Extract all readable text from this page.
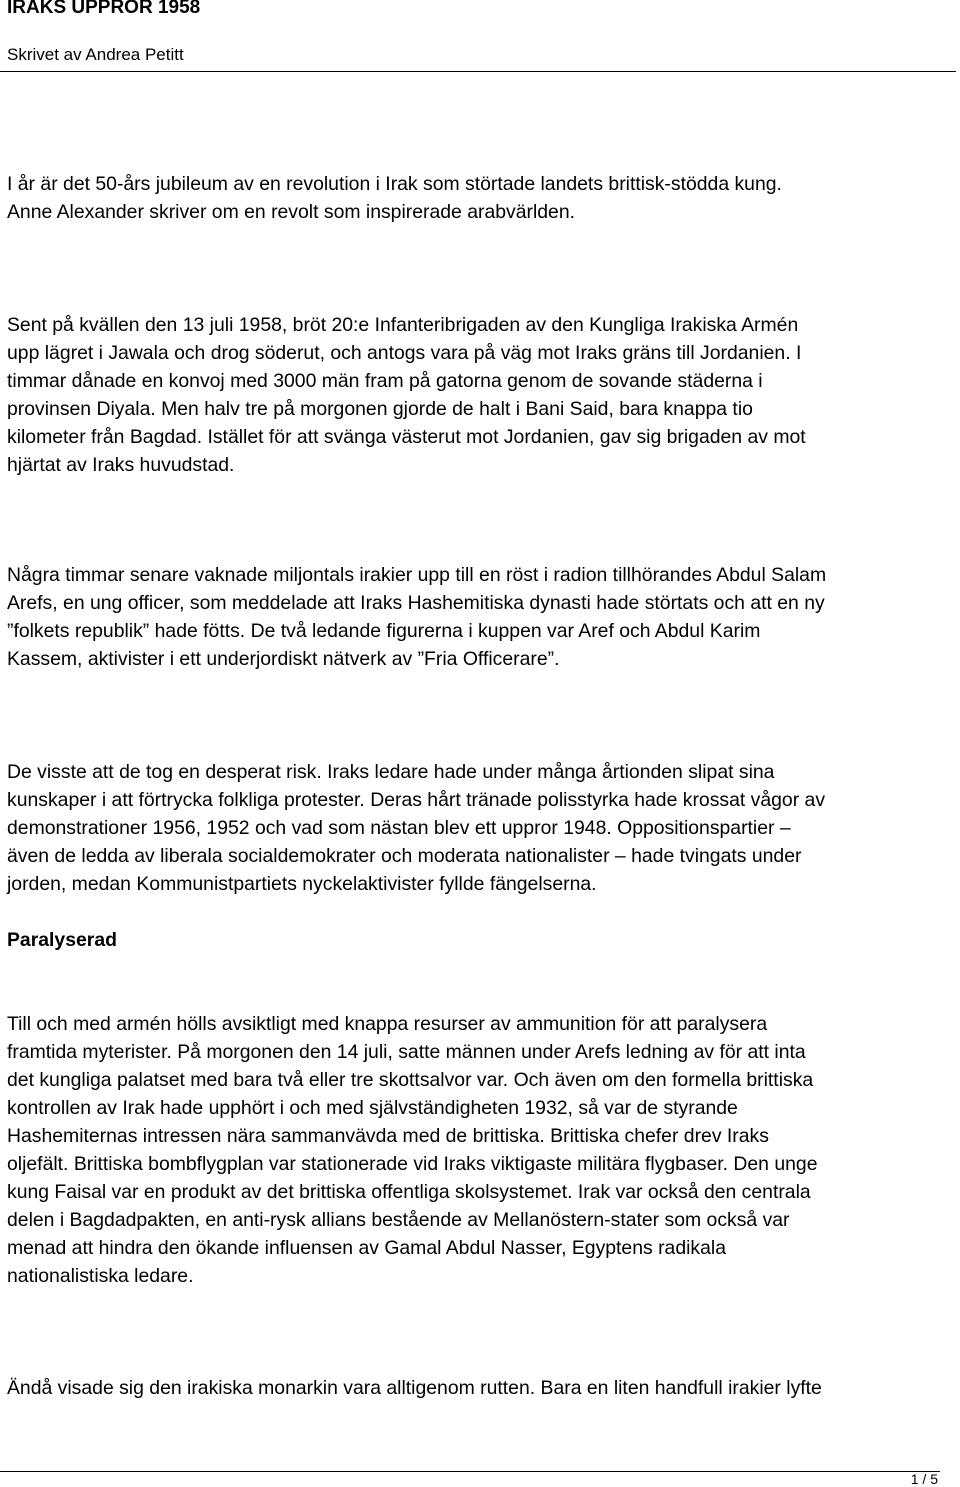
IRAKS UPPROR 1958
Skrivet av Andrea Petitt
I år är det 50-års jubileum av en revolution i Irak som störtade landets brittisk-stödda kung.
Anne Alexander skriver om en revolt som inspirerade arabvärlden.
Sent på kvällen den 13 juli 1958, bröt 20:e Infanteribrigaden av den Kungliga Irakiska Armén
upp lägret i Jawala och drog söderut, och antogs vara på väg mot Iraks gräns till Jordanien. I
timmar dånade en konvoj med 3000 män fram på gatorna genom de sovande städerna i
provinsen Diyala. Men halv tre på morgonen gjorde de halt i Bani Said, bara knappa tio
kilometer från Bagdad. Istället för att svänga västerut mot Jordanien, gav sig brigaden av mot
hjärtat av Iraks huvudstad.
Några timmar senare vaknade miljontals irakier upp till en röst i radion tillhörandes Abdul Salam
Arefs, en ung officer, som meddelade att Iraks Hashemitiska dynasti hade störtats och att en ny
”folkets republik” hade fötts. De två ledande figurerna i kuppen var Aref och Abdul Karim
Kassem, aktivister i ett underjordiskt nätverk av ”Fria Officerare”.
De visste att de tog en desperat risk. Iraks ledare hade under många årtionden slipat sina
kunskaper i att förtrycka folkliga protester. Deras hårt tränade polisstyrka hade krossat vågor av
demonstrationer 1956, 1952 och vad som nästan blev ett uppror 1948. Oppositionspartier –
även de ledda av liberala socialdemokrater och moderata nationalister – hade tvingats under
jorden, medan Kommunistpartiets nyckelaktivister fyllde fängelserna.
Paralyserad
Till och med armén hölls avsiktligt med knappa resurser av ammunition för att paralysera
framtida myterister. På morgonen den 14 juli, satte männen under Arefs ledning av för att inta
det kungliga palatset med bara två eller tre skottsalvor var. Och även om den formella brittiska
kontrollen av Irak hade upphört i och med självständigheten 1932, så var de styrande
Hashemiternas intressen nära sammanvävda med de brittiska. Brittiska chefer drev Iraks
oljefält. Brittiska bombflygplan var stationerade vid Iraks viktigaste militära flygbaser. Den unge
kung Faisal var en produkt av det brittiska offentliga skolsystemet. Irak var också den centrala
delen i Bagdadpakten, en anti-rysk allians bestående av Mellanöstern-stater som också var
menad att hindra den ökande influensen av Gamal Abdul Nasser, Egyptens radikala
nationalistiska ledare.
Ändå visade sig den irakiska monarkin vara alltigenom rutten. Bara en liten handfull irakier lyfte
1 / 5
